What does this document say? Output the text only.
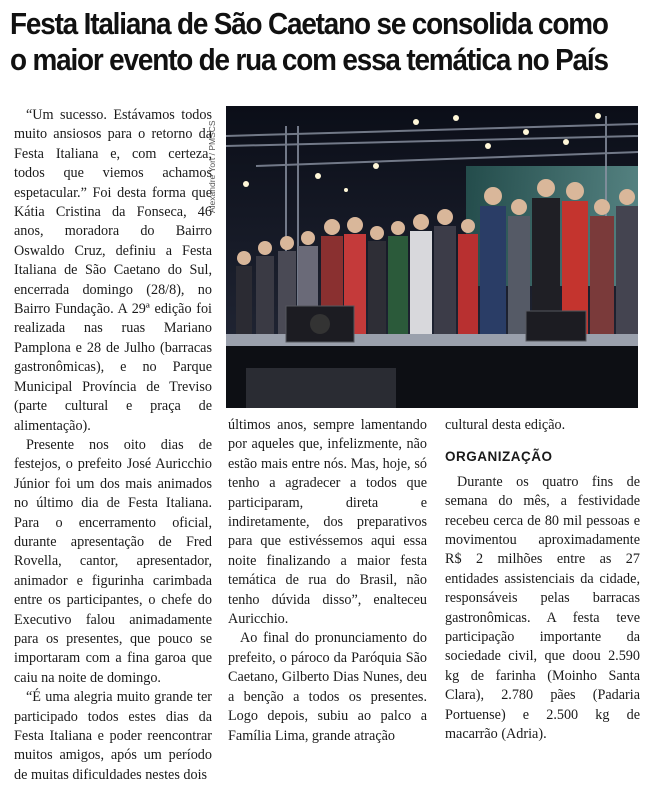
Festa Italiana de São Caetano se consolida como
o maior evento de rua com essa temática no País
Alexandre Yort / PMSCS

“Um sucesso. Estávamos todos muito ansiosos para o retorno da Festa Italiana e, com certeza, todos que viemos achamos espetacular.” Foi desta forma que Kátia Cristina da Fonseca, 46 anos, moradora do Bairro Oswaldo Cruz, definiu a Festa Italiana de São Caetano do Sul, encerrada domingo (28/8), no Bairro Fundação. A 29ª edição foi realizada nas ruas Mariano Pamplona e 28 de Julho (barracas gastronômicas), e no Parque Municipal Província de Treviso (parte cultural e praça de alimentação).

Presente nos oito dias de festejos, o prefeito José Auricchio Júnior foi um dos mais animados no último dia de Festa Italiana. Para o encerramento oficial, durante apresentação de Fred Rovella, cantor, apresentador, animador e figurinha carimbada entre os participantes, o chefe do Executivo falou animadamente para os presentes, que pouco se importaram com a fina garoa que caiu na noite de domingo.

“É uma alegria muito grande ter participado todos estes dias da Festa Italiana e poder reencontrar muitos amigos, após um período de muitas dificuldades nestes dois

últimos anos, sempre lamentando por aqueles que, infelizmente, não estão mais entre nós. Mas, hoje, só tenho a agradecer a todos que participaram, direta e indiretamente, dos preparativos para que estivéssemos aqui essa noite finalizando a maior festa temática de rua do Brasil, não tenho dúvida disso”, enalteceu Auricchio.

Ao final do pronunciamento do prefeito, o pároco da Paróquia São Caetano, Gilberto Dias Nunes, deu a benção a todos os presentes. Logo depois, subiu ao palco a Família Lima, grande atração

cultural desta edição.

ORGANIZAÇÃO

Durante os quatro fins de semana do mês, a festividade recebeu cerca de 80 mil pessoas e movimentou aproximadamente R$ 2 milhões entre as 27 entidades assistenciais da cidade, responsáveis pelas barracas gastronômicas. A festa teve participação importante da sociedade civil, que doou 2.590 kg de farinha (Moinho Santa Clara), 2.780 pães (Padaria Portuense) e 2.500 kg de macarrão (Adria).
